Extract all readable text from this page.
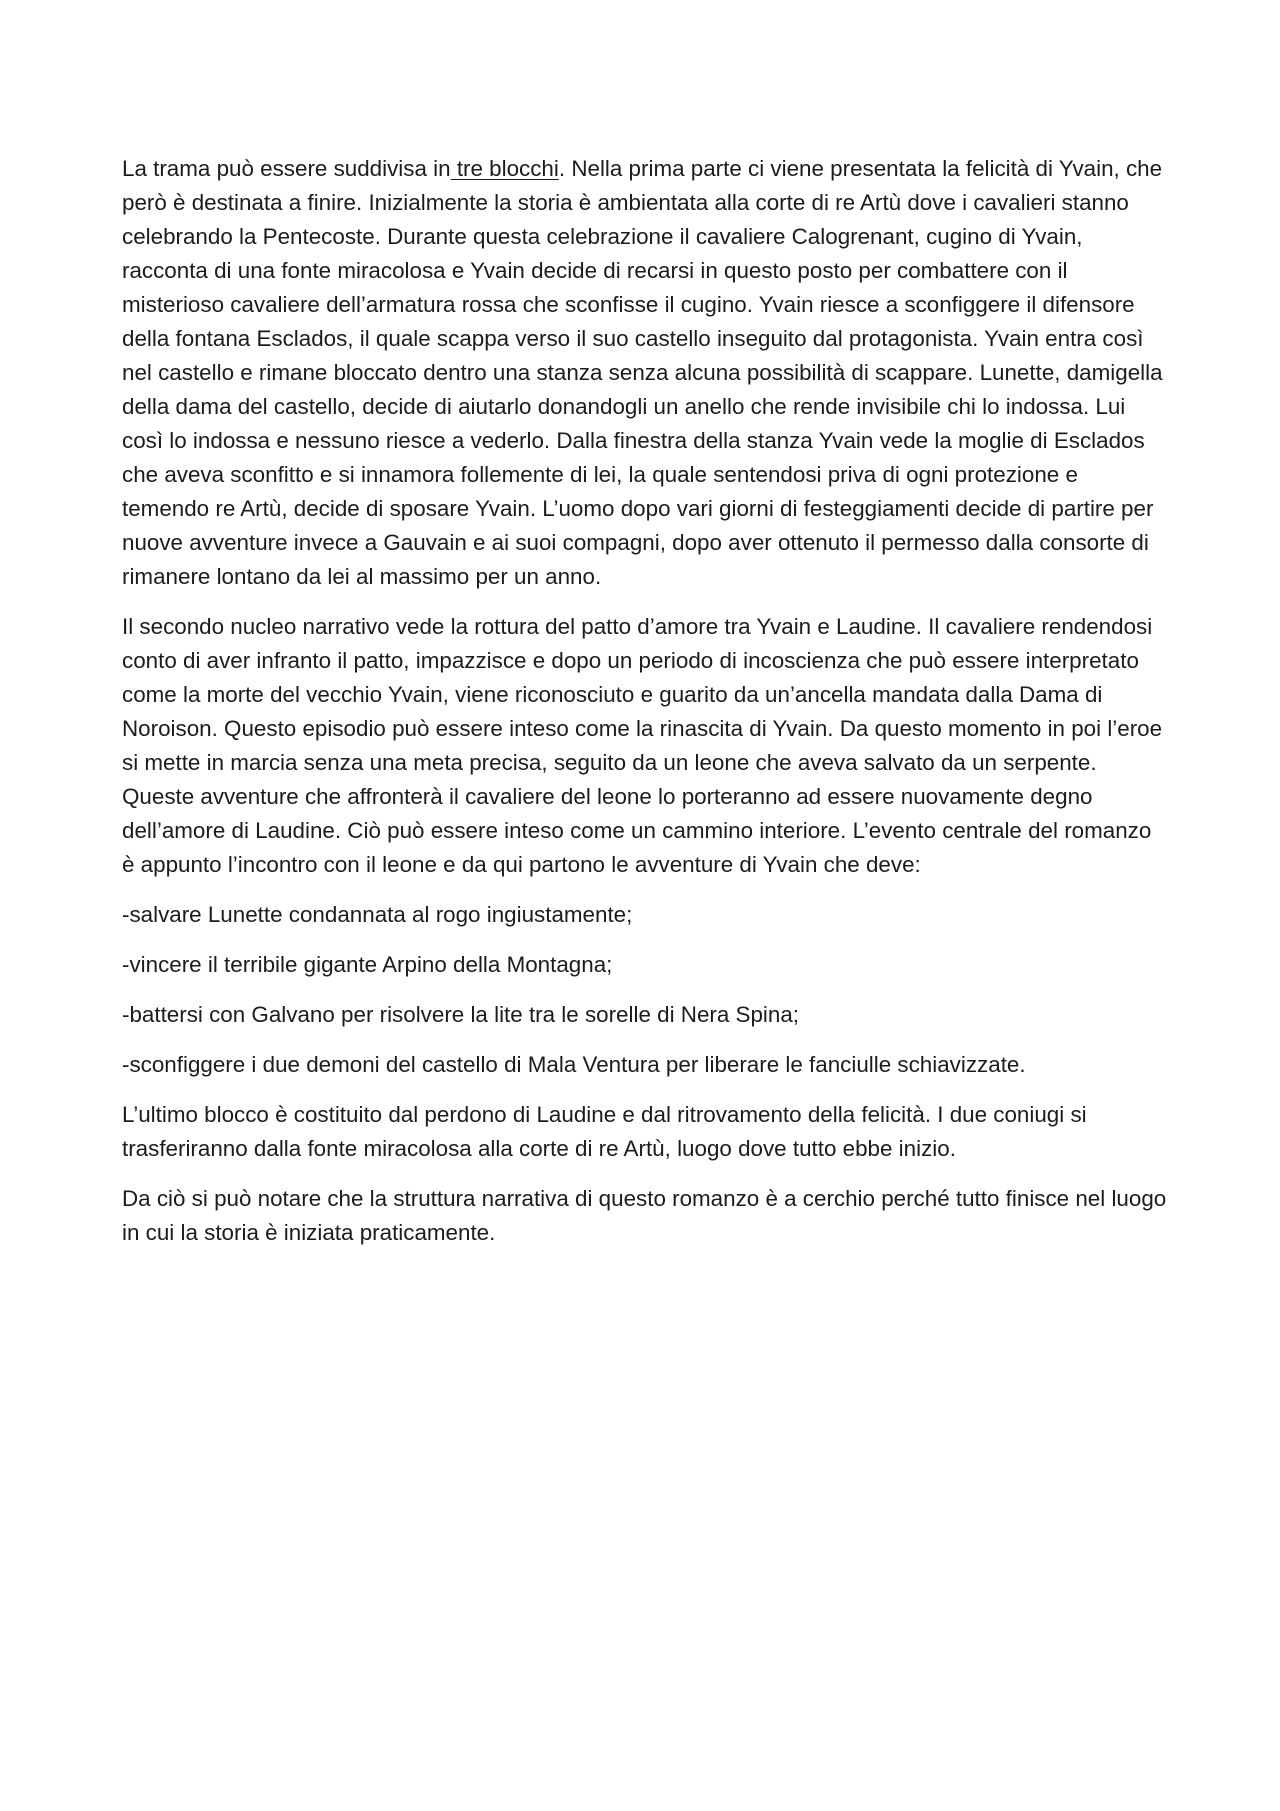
La trama può essere suddivisa in tre blocchi. Nella prima parte ci viene presentata la felicità di Yvain, che però è destinata a finire. Inizialmente la storia è ambientata alla corte di re Artù dove i cavalieri stanno celebrando la Pentecoste. Durante questa celebrazione il cavaliere Calogrenant, cugino di Yvain, racconta di una fonte miracolosa e Yvain decide di recarsi in questo posto per combattere con il misterioso cavaliere dell’armatura rossa che sconfisse il cugino. Yvain riesce a sconfiggere il difensore della fontana Esclados, il quale scappa verso il suo castello inseguito dal protagonista. Yvain entra così nel castello e rimane bloccato dentro una stanza senza alcuna possibilità di scappare. Lunette, damigella della dama del castello, decide di aiutarlo donandogli un anello che rende invisibile chi lo indossa. Lui così lo indossa e nessuno riesce a vederlo. Dalla finestra della stanza Yvain vede la moglie di Esclados che aveva sconfitto e si innamora follemente di lei, la quale sentendosi priva di ogni protezione e temendo re Artù, decide di sposare Yvain. L’uomo dopo vari giorni di festeggiamenti decide di partire per nuove avventure invece a Gauvain e ai suoi compagni, dopo aver ottenuto il permesso dalla consorte di rimanere lontano da lei al massimo per un anno.

Il secondo nucleo narrativo vede la rottura del patto d’amore tra Yvain e Laudine. Il cavaliere rendendosi conto di aver infranto il patto, impazzisce e dopo un periodo di incoscienza che può essere interpretato come la morte del vecchio Yvain, viene riconosciuto e guarito da un’ancella mandata dalla Dama di Noroison. Questo episodio può essere inteso come la rinascita di Yvain. Da questo momento in poi l’eroe si mette in marcia senza una meta precisa, seguito da un leone che aveva salvato da un serpente. Queste avventure che affronterà il cavaliere del leone lo porteranno ad essere nuovamente degno dell’amore di Laudine. Ciò può essere inteso come un cammino interiore. L’evento centrale del romanzo è appunto l’incontro con il leone e da qui partono le avventure di Yvain che deve:

-salvare Lunette condannata al rogo ingiustamente;

-vincere il terribile gigante Arpino della Montagna;

-battersi con Galvano per risolvere la lite tra le sorelle di Nera Spina;

-sconfiggere i due demoni del castello di Mala Ventura per liberare le fanciulle schiavizzate.

L’ultimo blocco è costituito dal perdono di Laudine e dal ritrovamento della felicità. I due coniugi si trasferiranno dalla fonte miracolosa alla corte di re Artù, luogo dove tutto ebbe inizio.

Da ciò si può notare che la struttura narrativa di questo romanzo è a cerchio perché tutto finisce nel luogo in cui la storia è iniziata praticamente.
